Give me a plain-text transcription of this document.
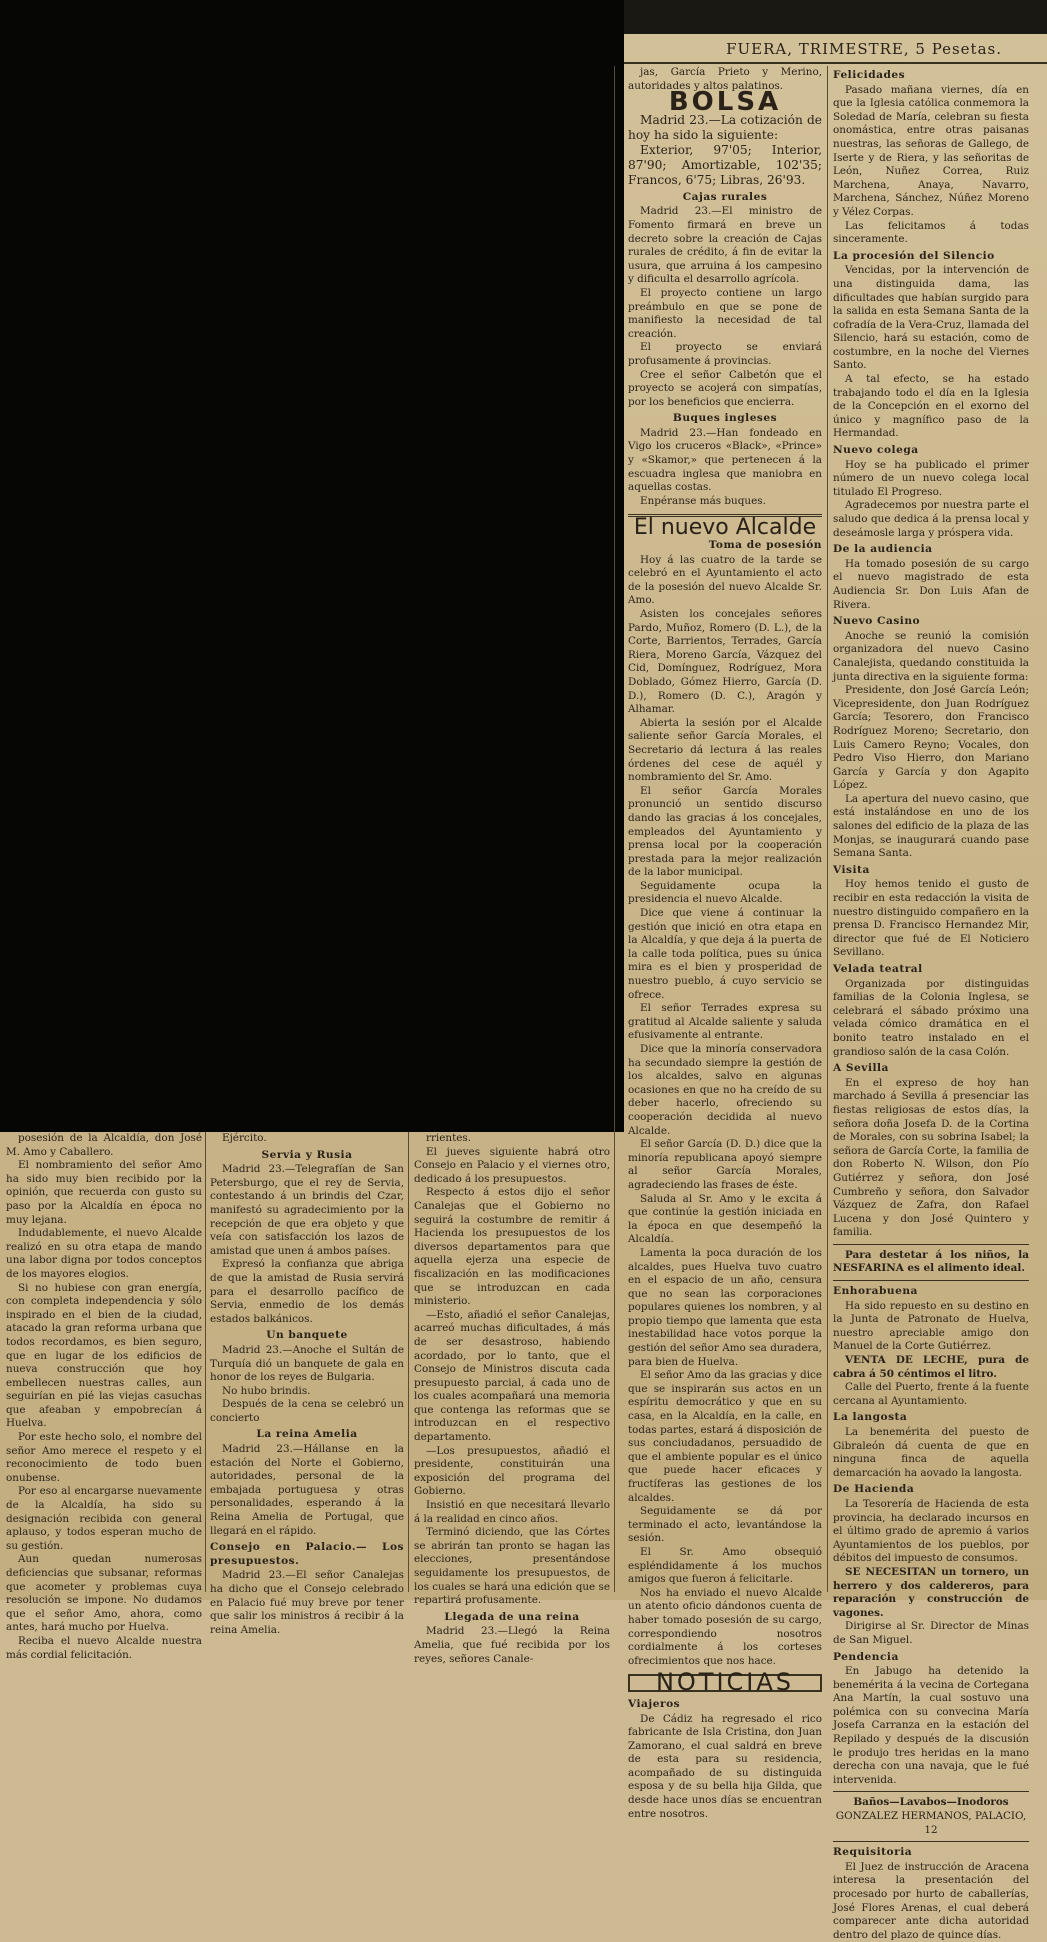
FUERA, TRIMESTRE, 5 Pesetas.

posesión de la Alcaldía, don José M. Amo y Caballero.

El nombramiento del señor Amo ha sido muy bien recibido por la opinión, que recuerda con gusto su paso por la Alcaldía en época no muy lejana.

Indudablemente, el nuevo Alcalde realizó en su otra etapa de mando una labor digna por todos conceptos de los mayores elogios.

Si no hubiese con gran energía, con completa independencia y sólo inspirado en el bien de la ciudad, atacado la gran reforma urbana que todos recordamos, es bien seguro, que en lugar de los edificios de nueva construcción que hoy embellecen nuestras calles, aun seguirían en pié las viejas casuchas que afeaban y empobrecían á Huelva.

Por este hecho solo, el nombre del señor Amo merece el respeto y el reconocimiento de todo buen onubense.

Por eso al encargarse nuevamente de la Alcaldía, ha sido su designación recibida con general aplauso, y todos esperan mucho de su gestión.

Aun quedan numerosas deficiencias que subsanar, reformas que acometer y problemas cuya resolución se impone. No dudamos que el señor Amo, ahora, como antes, hará mucho por Huelva.

Reciba el nuevo Alcalde nuestra más cordial felicitación.

Ejército.

Servia y Rusia

Madrid 23.—Telegrafían de San Petersburgo, que el rey de Servia, contestando á un brindis del Czar, manifestó su agradecimiento por la recepción de que era objeto y que veía con satisfacción los lazos de amistad que unen á ambos países.

Expresó la confianza que abriga de que la amistad de Rusia servirá para el desarrollo pacífico de Servia, enmedio de los demás estados balkánicos.

Un banquete

Madrid 23.—Anoche el Sultán de Turquía dió un banquete de gala en honor de los reyes de Bulgaria.

No hubo brindis.

Después de la cena se celebró un concierto

La reina Amelia

Madrid 23.—Hállanse en la estación del Norte el Gobierno, autoridades, personal de la embajada portuguesa y otras personalidades, esperando á la Reina Amelia de Portugal, que llegará en el rápido.

Consejo en Palacio.— Los presupuestos.

Madrid 23.—El señor Canalejas ha dicho que el Consejo celebrado en Palacio fué muy breve por tener que salir los ministros á recibir á la reina Amelia.

rrientes.

El jueves siguiente habrá otro Consejo en Palacio y el viernes otro, dedicado á los presupuestos.

Respecto á estos dijo el señor Canalejas que el Gobierno no seguirá la costumbre de remitir á Hacienda los presupuestos de los diversos departamentos para que aquella ejerza una especie de fiscalización en las modificaciones que se introduzcan en cada ministerio.

—Esto, añadió el señor Canalejas, acarreó muchas dificultades, á más de ser desastroso, habiendo acordado, por lo tanto, que el Consejo de Ministros discuta cada presupuesto parcial, á cada uno de los cuales acompañará una memoria que contenga las reformas que se introduzcan en el respectivo departamento.

—Los presupuestos, añadió el presidente, constituirán una exposición del programa del Gobierno.

Insistió en que necesitará llevarlo á la realidad en cinco años.

Terminó diciendo, que las Córtes se abrirán tan pronto se hagan las elecciones, presentándose seguidamente los presupuestos, de los cuales se hará una edición que se repartirá profusamente.

Llegada de una reina

Madrid 23.—Llegó la Reina Amelia, que fué recibida por los reyes, señores Canale-

jas, García Prieto y Merino, autoridades y altos palatinos.

BOLSA

Madrid 23.—La cotización de hoy ha sido la siguiente:

Exterior, 97'05; Interior, 87'90; Amortizable, 102'35; Francos, 6'75; Libras, 26'93.

Cajas rurales

Madrid 23.—El ministro de Fomento firmará en breve un decreto sobre la creación de Cajas rurales de crédito, á fin de evitar la usura, que arruina á los campesino y dificulta el desarrollo agrícola.

El proyecto contiene un largo preámbulo en que se pone de manifiesto la necesidad de tal creación.

El proyecto se enviará profusamente á provincias.

Cree el señor Calbetón que el proyecto se acojerá con simpatías, por los beneficios que encierra.

Buques ingleses

Madrid 23.—Han fondeado en Vigo los cruceros «Black», «Prince» y «Skamor,» que pertenecen á la escuadra inglesa que maniobra en aquellas costas.

Enpéranse más buques.

El nuevo Alcalde
Toma de posesión

Hoy á las cuatro de la tarde se celebró en el Ayuntamiento el acto de la posesión del nuevo Alcalde Sr. Amo.

Asisten los concejales señores Pardo, Muñoz, Romero (D. L.), de la Corte, Barrientos, Terrades, García Riera, Moreno García, Vázquez del Cid, Domínguez, Rodríguez, Mora Doblado, Gómez Hierro, García (D. D.), Romero (D. C.), Aragón y Alhamar.

Abierta la sesión por el Alcalde saliente señor García Morales, el Secretario dá lectura á las reales órdenes del cese de aquél y nombramiento del Sr. Amo.

El señor García Morales pronunció un sentido discurso dando las gracias á los concejales, empleados del Ayuntamiento y prensa local por la cooperación prestada para la mejor realización de la labor municipal.

Seguidamente ocupa la presidencia el nuevo Alcalde.

Dice que viene á continuar la gestión que inició en otra etapa en la Alcaldía, y que deja á la puerta de la calle toda política, pues su única mira es el bien y prosperidad de nuestro pueblo, á cuyo servicio se ofrece.

El señor Terrades expresa su gratitud al Alcalde saliente y saluda efusivamente al entrante.

Dice que la minoría conservadora ha secundado siempre la gestión de los alcaldes, salvo en algunas ocasiones en que no ha creído de su deber hacerlo, ofreciendo su cooperación decidida al nuevo Alcalde.

El señor García (D. D.) dice que la minoría republicana apoyó siempre al señor García Morales, agradeciendo las frases de éste.

Saluda al Sr. Amo y le excita á que continúe la gestión iniciada en la época en que desempeñó la Alcaldía.

Lamenta la poca duración de los alcaldes, pues Huelva tuvo cuatro en el espacio de un año, censura que no sean las corporaciones populares quienes los nombren, y al propio tiempo que lamenta que esta inestabilidad hace votos porque la gestión del señor Amo sea duradera, para bien de Huelva.

El señor Amo da las gracias y dice que se inspirarán sus actos en un espíritu democrático y que en su casa, en la Alcaldía, en la calle, en todas partes, estará á disposición de sus conciudadanos, persuadido de que el ambiente popular es el único que puede hacer eficaces y fructíferas las gestiones de los alcaldes.

Seguidamente se dá por terminado el acto, levantándose la sesión.

El Sr. Amo obsequió espléndidamente á los muchos amigos que fueron á felicitarle.

Nos ha enviado el nuevo Alcalde un atento oficio dándonos cuenta de haber tomado posesión de su cargo, correspondiendo nosotros cordialmente á los corteses ofrecimientos que nos hace.

NOTICIAS
Viajeros

De Cádiz ha regresado el rico fabricante de Isla Cristina, don Juan Zamorano, el cual saldrá en breve de esta para su residencia, acompañado de su distinguida esposa y de su bella hija Gilda, que desde hace unos días se encuentran entre nosotros.

Felicidades

Pasado mañana viernes, día en que la Iglesia católica conmemora la Soledad de María, celebran su fiesta onomástica, entre otras paisanas nuestras, las señoras de Gallego, de Iserte y de Riera, y las señoritas de León, Nuñez Correa, Ruiz Marchena, Anaya, Navarro, Marchena, Sánchez, Núñez Moreno y Vélez Corpas.

Las felicitamos á todas sinceramente.

La procesión del Silencio

Vencidas, por la intervención de una distinguida dama, las dificultades que habían surgido para la salida en esta Semana Santa de la cofradía de la Vera-Cruz, llamada del Silencio, hará su estación, como de costumbre, en la noche del Viernes Santo.

A tal efecto, se ha estado trabajando todo el día en la Iglesia de la Concepción en el exorno del único y magnífico paso de la Hermandad.

Nuevo colega

Hoy se ha publicado el primer número de un nuevo colega local titulado El Progreso.

Agradecemos por nuestra parte el saludo que dedica á la prensa local y deseámosle larga y próspera vida.

De la audiencia

Ha tomado posesión de su cargo el nuevo magistrado de esta Audiencia Sr. Don Luis Afan de Rivera.

Nuevo Casino

Anoche se reunió la comisión organizadora del nuevo Casino Canalejista, quedando constituida la junta directiva en la siguiente forma:

Presidente, don José García León; Vicepresidente, don Juan Rodríguez García; Tesorero, don Francisco Rodríguez Moreno; Secretario, don Luis Camero Reyno; Vocales, don Pedro Viso Hierro, don Mariano García y García y don Agapito López.

La apertura del nuevo casino, que está instalándose en uno de los salones del edificio de la plaza de las Monjas, se inaugurará cuando pase Semana Santa.

Visita

Hoy hemos tenido el gusto de recibir en esta redacción la visita de nuestro distinguido compañero en la prensa D. Francisco Hernandez Mir, director que fué de El Noticiero Sevillano.

Velada teatral

Organizada por distinguidas familias de la Colonia Inglesa, se celebrará el sábado próximo una velada cómico dramática en el bonito teatro instalado en el grandioso salón de la casa Colón.

A Sevilla

En el expreso de hoy han marchado á Sevilla á presenciar las fiestas religiosas de estos días, la señora doña Josefa D. de la Cortina de Morales, con su sobrina Isabel; la señora de García Corte, la familia de don Roberto N. Wilson, don Pío Gutiérrez y señora, don José Cumbreño y señora, don Salvador Vázquez de Zafra, don Rafael Lucena y don José Quintero y familia.

Para destetar á los niños, la NESFARINA es el alimento ideal.

Enhorabuena

Ha sido repuesto en su destino en la Junta de Patronato de Huelva, nuestro apreciable amigo don Manuel de la Corte Gutiérrez.

VENTA DE LECHE, pura de cabra á 50 céntimos el litro.

Calle del Puerto, frente á la fuente cercana al Ayuntamiento.

La langosta

La benemérita del puesto de Gibraleón dá cuenta de que en ninguna finca de aquella demarcación ha aovado la langosta.

De Hacienda

La Tesorería de Hacienda de esta provincia, ha declarado incursos en el último grado de apremio á varios Ayuntamientos de los pueblos, por débitos del impuesto de consumos.

SE NECESITAN un tornero, un herrero y dos caldereros, para reparación y construcción de vagones.

Dirigirse al Sr. Director de Minas de San Miguel.

Pendencia

En Jabugo ha detenido la benemérita á la vecina de Cortegana Ana Martín, la cual sostuvo una polémica con su convecina María Josefa Carranza en la estación del Repilado y después de la discusión le produjo tres heridas en la mano derecha con una navaja, que le fué intervenida.

Baños—Lavabos—Inodoros

GONZALEZ HERMANOS, PALACIO, 12

Requisitoria

El Juez de instrucción de Aracena interesa la presentación del procesado por hurto de caballerías, José Flores Arenas, el cual deberá comparecer ante dicha autoridad dentro del plazo de quince días.
